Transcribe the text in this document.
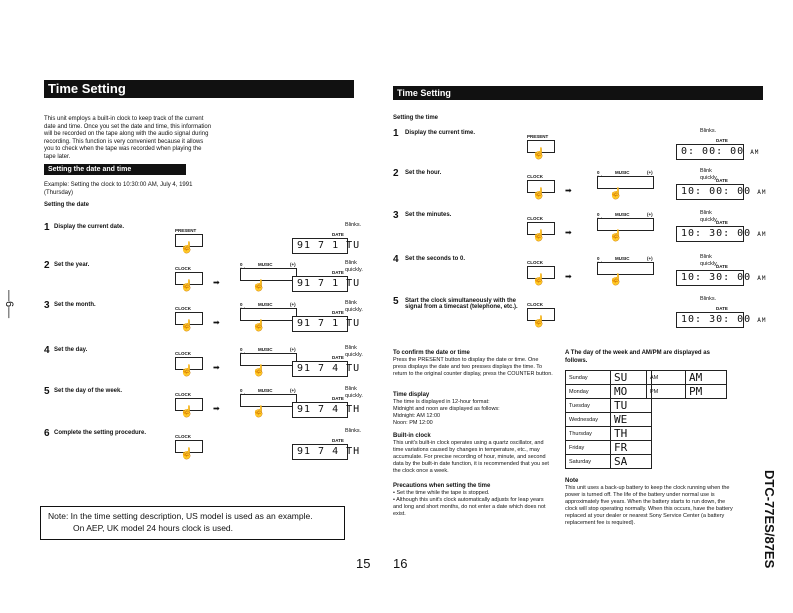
—6—
Time Setting
This unit employs a built-in clock to keep track of the current date and time. Once you set the date and time, this information will be recorded on the tape along with the audio signal during recording. This function is very convenient because it allows you to check when the tape was recorded when playing the tape later.
Setting the date and time
Example: Setting the clock to 10:30:00 AM, July 4, 1991 (Thursday)
Setting the date
1 Display the current date.
PRESENT
☝
Blinks.
DATE
91 7 1 TU
2 Set the year.
CLOCK
☝ ➡
0	MUSIC	(+)
☝
Blink quickly.
DATE
91 7 1 TU
3 Set the month.
CLOCK
☝ ➡
0	MUSIC	(+)
☝
Blink quickly.
DATE
91 7 1 TU
4 Set the day.
CLOCK
☝ ➡
0	MUSIC	(+)
☝
Blink quickly.
DATE
91 7 4 TU
5 Set the day of the week.
CLOCK
☝ ➡
0	MUSIC	(+)
☝
Blink quickly.
DATE
91 7 4 TH
6 Complete the setting procedure.
CLOCK
☝
Blinks.
DATE
91 7 4 TH
Note: In the time setting description, US model is used as an example.
On AEP, UK model 24 hours clock is used.
15
Time Setting
Setting the time
1 Display the current time.
PRESENT
☝
Blinks.
DATE
0: 00: 00 AM
2 Set the hour.
CLOCK
☝ ➡
0	MUSIC	(+)
☝
Blink quickly.
DATE
10: 00: 00 AM
3 Set the minutes.
CLOCK
☝ ➡
0	MUSIC	(+)
☝
Blink quickly.
DATE
10: 30: 00 AM
4 Set the seconds to 0.
CLOCK
☝ ➡
0	MUSIC	(+)
☝
Blink quickly.
DATE
10: 30: 00 AM
5 Start the clock simultaneously with the signal from a timecast (telephone, etc.).	CLOCK
☝
Blinks.
DATE
10: 30: 00 AM
To confirm the date or time
Press the PRESENT button to display the date or time. One press displays the date and two presses displays the time. To return to the original counter display, press the COUNTER button.
Time display
The time is displayed in 12-hour format:
Midnight and noon are displayed as follows:
Midnight: AM 12:00
Noon: PM 12:00
Built-in clock
This unit's built-in clock operates using a quartz oscillator, and time variations caused by changes in temperature, etc., may accumulate. For precise recording of hour, minute, and second data by the built-in date function, it is recommended that you set the clock once a week.
Precautions when setting the time
• Set the time while the tape is stopped.
• Although this unit's clock automatically adjusts for leap years and long and short months, do not enter a date which does not exist.
A The day of the week and AM/PM are displayed as follows.
Sunday	SU
Monday	MO
Tuesday	TU
Wednesday	WE
Thursday	TH
Friday	FR
Saturday	SA
AM	AM
PM	PM
Note
This unit uses a back-up battery to keep the clock running when the power is turned off. The life of the battery under normal use is approximately five years. When the battery starts to run down, the clock will stop operating normally. When this occurs, have the battery replaced at your dealer or nearest Sony Service Center (a battery replacement fee is required).	DTC-77ES/87ES
16
